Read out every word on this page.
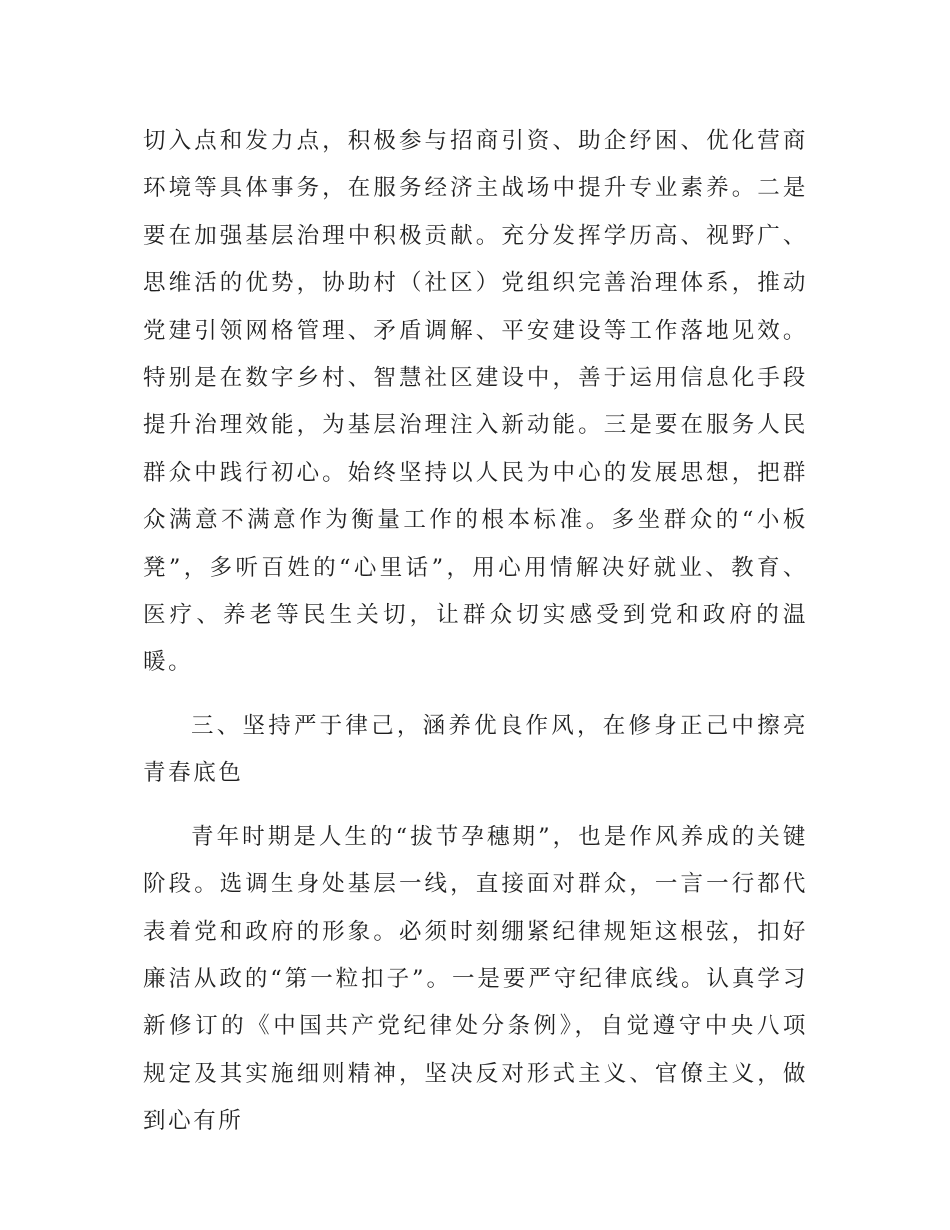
切入点和发力点，积极参与招商引资、助企纾困、优化营商环境等具体事务，在服务经济主战场中提升专业素养。二是要在加强基层治理中积极贡献。充分发挥学历高、视野广、思维活的优势，协助村（社区）党组织完善治理体系，推动党建引领网格管理、矛盾调解、平安建设等工作落地见效。特别是在数字乡村、智慧社区建设中，善于运用信息化手段提升治理效能，为基层治理注入新动能。三是要在服务人民群众中践行初心。始终坚持以人民为中心的发展思想，把群众满意不满意作为衡量工作的根本标准。多坐群众的“小板凳”，多听百姓的“心里话”，用心用情解决好就业、教育、医疗、养老等民生关切，让群众切实感受到党和政府的温暖。

三、坚持严于律己，涵养优良作风，在修身正己中擦亮青春底色

青年时期是人生的“拔节孕穗期”，也是作风养成的关键阶段。选调生身处基层一线，直接面对群众，一言一行都代表着党和政府的形象。必须时刻绷紧纪律规矩这根弦，扣好廉洁从政的“第一粒扣子”。一是要严守纪律底线。认真学习新修订的《中国共产党纪律处分条例》，自觉遵守中央八项规定及其实施细则精神，坚决反对形式主义、官僚主义，做到心有所
